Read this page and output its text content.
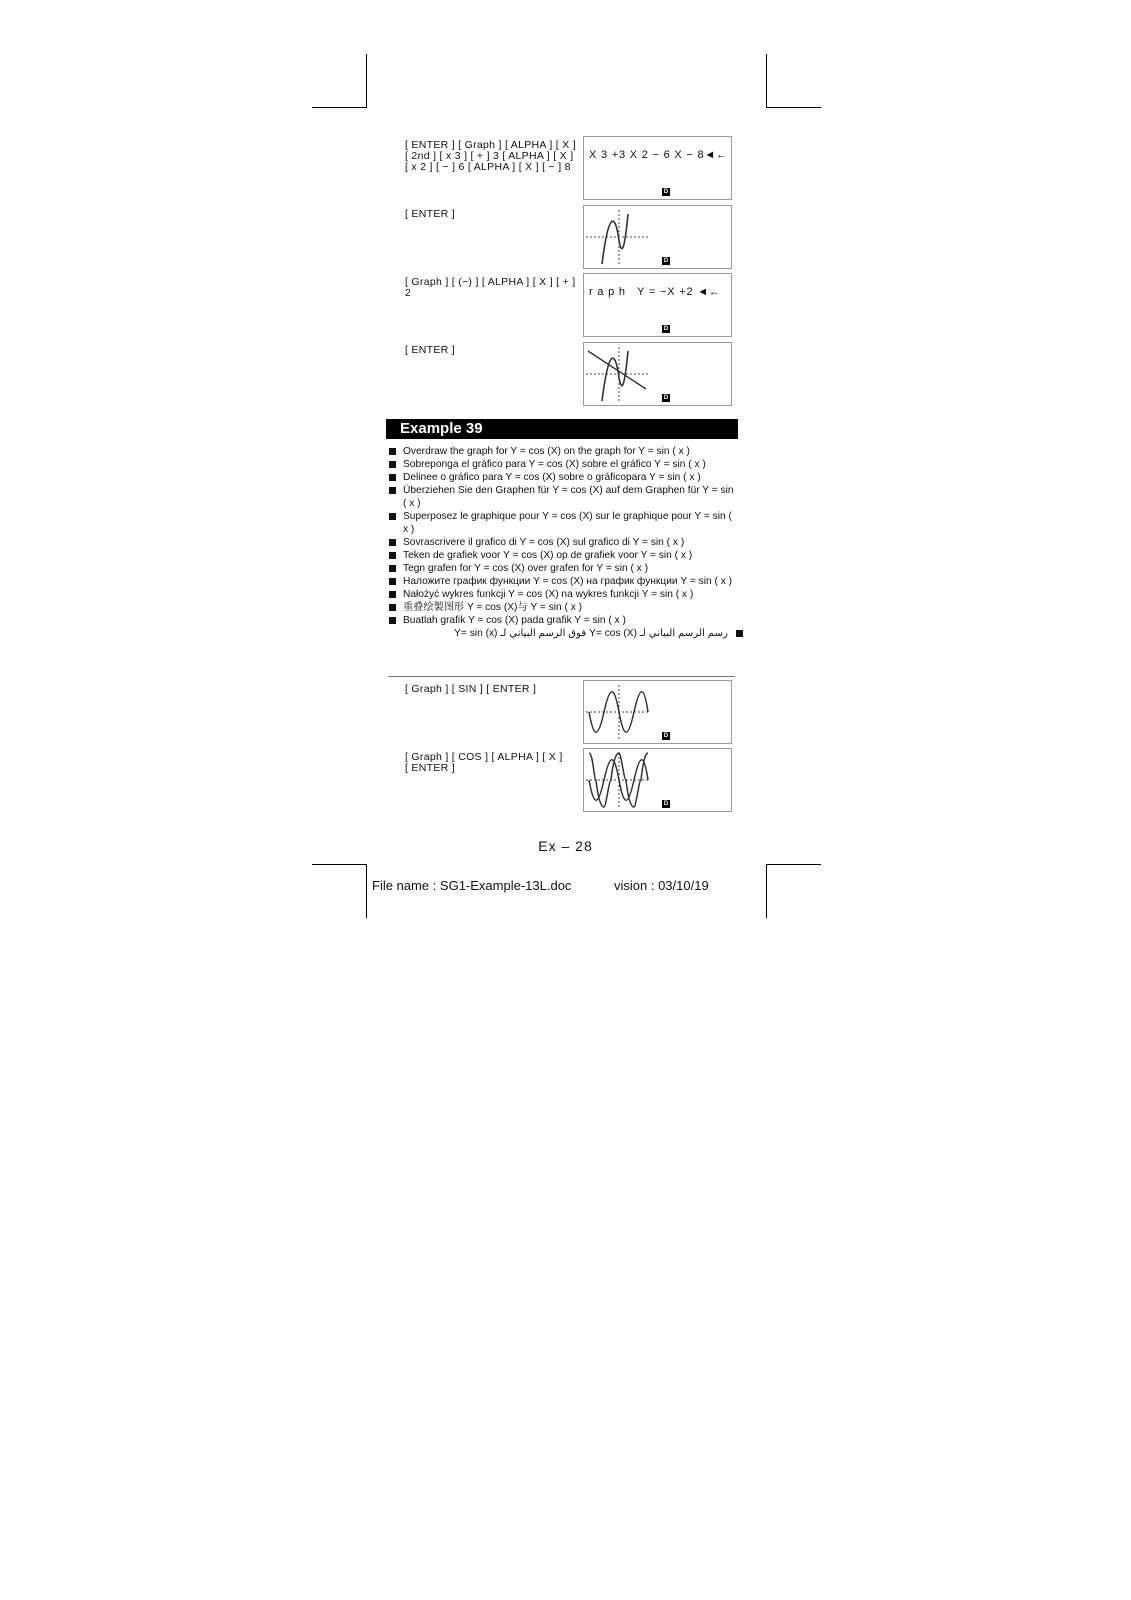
[ ENTER ] [ Graph ] [ ALPHA ] [ X ]
[ 2nd ] [ x 3 ] [ + ] 3 [ ALPHA ] [ X ]
[ x 2 ] [ − ] 6 [ ALPHA ] [ X ] [ − ] 8
X 3 +3 X 2 − 6 X − 8◄←
D
[ ENTER ]
D
[ Graph ] [ (−) ] [ ALPHA ] [ X ] [ + ]
2	r a p h   Y = −X +2 ◄←
D
[ ENTER ]
D
Example 39
Overdraw the graph for Y = cos (X) on the graph for Y = sin ( x )
Sobreponga el gráfico para Y = cos (X) sobre el gráfico Y = sin ( x )
Delinee o gráfico para Y = cos (X) sobre o gráficopara Y = sin ( x )
Überziehen Sie den Graphen für Y = cos (X) auf dem Graphen für Y = sin ( x )
Superposez le graphique pour Y = cos (X) sur le graphique pour Y = sin ( x )
Sovrascrivere il grafico di Y = cos (X) sul grafico di Y = sin ( x )
Teken de grafiek voor Y = cos (X) op de grafiek voor Y = sin ( x )
Tegn grafen for Y = cos (X) over grafen for Y = sin ( x )
Наложите график функции Y = cos (X) на график функции Y = sin ( x )
Nałożyć wykres funkcji Y = cos (X) na wykres funkcji Y = sin ( x )
重叠绘製图形 Y = cos (X)与 Y = sin ( x )
Buatlah grafik Y = cos (X) pada grafik Y = sin ( x )
رسم الرسم البياني لـ Y= cos (X) فوق الرسم البياني لـ Y= sin (x)
[ Graph ] [ SIN ] [ ENTER ]
D
[ Graph ] [ COS ] [ ALPHA ] [ X ]
[ ENTER ]
D
Ex – 28
File name : SG1-Example-13L.doc	vision : 03/10/19
